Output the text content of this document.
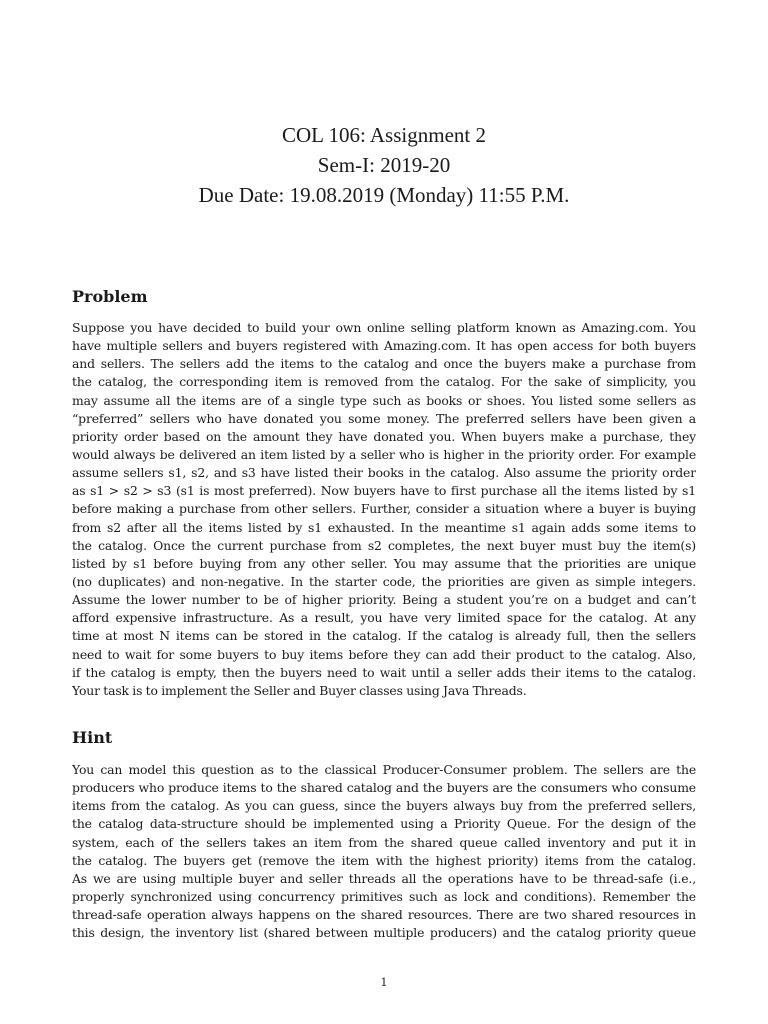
COL 106: Assignment 2
Sem-I: 2019-20
Due Date: 19.08.2019 (Monday) 11:55 P.M.
Problem
Suppose you have decided to build your own online selling platform known as Amazing.com. You
have multiple sellers and buyers registered with Amazing.com. It has open access for both buyers
and sellers. The sellers add the items to the catalog and once the buyers make a purchase from
the catalog, the corresponding item is removed from the catalog. For the sake of simplicity, you
may assume all the items are of a single type such as books or shoes. You listed some sellers as
“preferred” sellers who have donated you some money. The preferred sellers have been given a
priority order based on the amount they have donated you. When buyers make a purchase, they
would always be delivered an item listed by a seller who is higher in the priority order. For example
assume sellers s1, s2, and s3 have listed their books in the catalog. Also assume the priority order
as s1 > s2 > s3 (s1 is most preferred). Now buyers have to first purchase all the items listed by s1
before making a purchase from other sellers. Further, consider a situation where a buyer is buying
from s2 after all the items listed by s1 exhausted. In the meantime s1 again adds some items to
the catalog. Once the current purchase from s2 completes, the next buyer must buy the item(s)
listed by s1 before buying from any other seller. You may assume that the priorities are unique
(no duplicates) and non-negative. In the starter code, the priorities are given as simple integers.
Assume the lower number to be of higher priority. Being a student you’re on a budget and can’t
afford expensive infrastructure. As a result, you have very limited space for the catalog. At any
time at most N items can be stored in the catalog. If the catalog is already full, then the sellers
need to wait for some buyers to buy items before they can add their product to the catalog. Also,
if the catalog is empty, then the buyers need to wait until a seller adds their items to the catalog.
Your task is to implement the Seller and Buyer classes using Java Threads.
Hint
You can model this question as to the classical Producer-Consumer problem. The sellers are the
producers who produce items to the shared catalog and the buyers are the consumers who consume
items from the catalog. As you can guess, since the buyers always buy from the preferred sellers,
the catalog data-structure should be implemented using a Priority Queue. For the design of the
system, each of the sellers takes an item from the shared queue called inventory and put it in
the catalog. The buyers get (remove the item with the highest priority) items from the catalog.
As we are using multiple buyer and seller threads all the operations have to be thread-safe (i.e.,
properly synchronized using concurrency primitives such as lock and conditions). Remember the
thread-safe operation always happens on the shared resources. There are two shared resources in
this design, the inventory list (shared between multiple producers) and the catalog priority queue
1
